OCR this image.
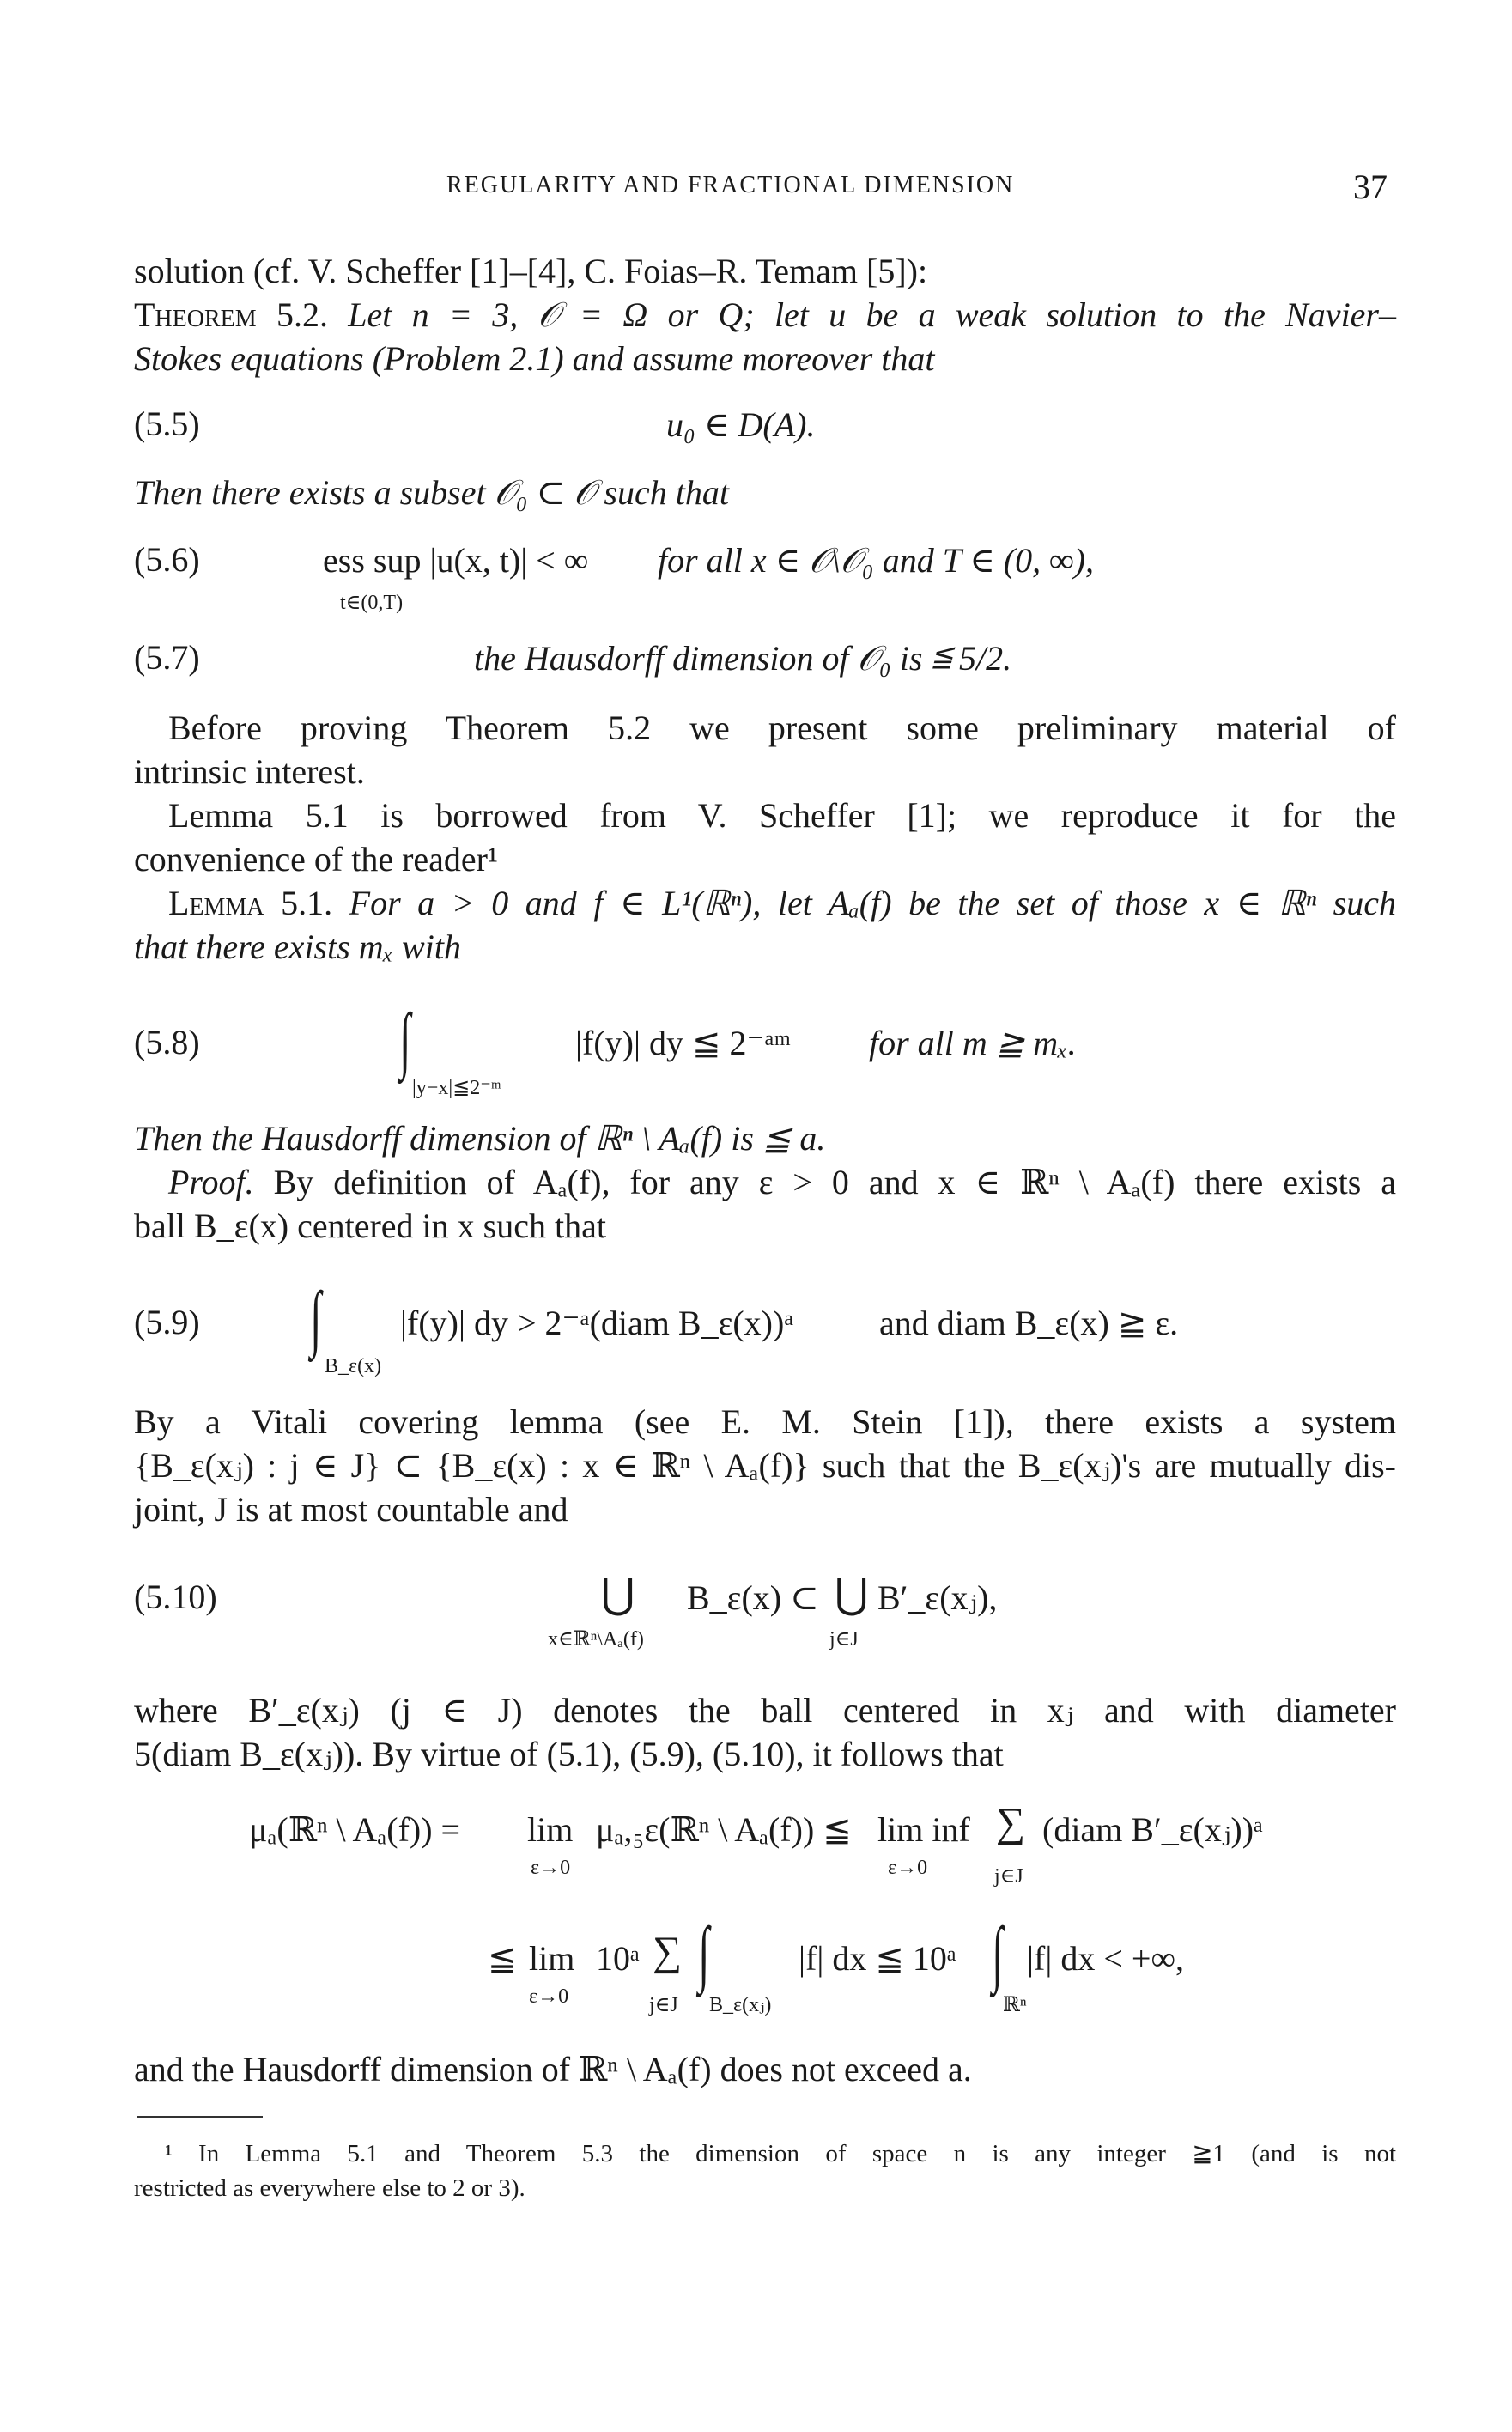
REGULARITY AND FRACTIONAL DIMENSION	37
solution (cf. V. Scheffer [1]–[4], C. Foias–R. Temam [5]):
Theorem 5.2. Let n = 3, 𝒪 = Ω or Q; let u be a weak solution to the Navier–
Stokes equations (Problem 2.1) and assume moreover that
(5.5)	u₀ ∈ D(A).
Then there exists a subset 𝒪₀ ⊂ 𝒪 such that
(5.6)	ess sup |u(x, t)| < ∞
t∈(0,T)
for all x ∈ 𝒪\𝒪₀ and T ∈ (0, ∞),
(5.7)	the Hausdorff dimension of 𝒪₀ is ≦ 5/2.
Before proving Theorem 5.2 we present some preliminary material of
intrinsic interest.
Lemma 5.1 is borrowed from V. Scheffer [1]; we reproduce it for the
convenience of the reader¹
Lemma 5.1. For a > 0 and f ∈ L¹(ℝⁿ), let Aₐ(f) be the set of those x ∈ ℝⁿ such
that there exists mₓ with
(5.8)	∫
|y−x|≦2⁻ᵐ
|f(y)| dy ≦ 2⁻ᵃᵐ for all m ≧ mₓ.
Then the Hausdorff dimension of ℝⁿ \ Aₐ(f) is ≦ a.
Proof. By definition of Aₐ(f), for any ε > 0 and x ∈ ℝⁿ \ Aₐ(f) there exists a
ball B_ε(x) centered in x such that
(5.9) ∫
B_ε(x)
|f(y)| dy > 2⁻ᵃ(diam B_ε(x))ᵃ and diam B_ε(x) ≧ ε.
By a Vitali covering lemma (see E. M. Stein [1]), there exists a system
{B_ε(xⱼ) : j ∈ J} ⊂ {B_ε(x) : x ∈ ℝⁿ \ Aₐ(f)} such that the B_ε(xⱼ)'s are mutually dis-
joint, J is at most countable and
(5.10)	⋃
x∈ℝⁿ\Aₐ(f)
B_ε(x) ⊂ ⋃
j∈J
B′_ε(xⱼ),
where B′_ε(xⱼ) (j ∈ J) denotes the ball centered in xⱼ and with diameter
5(diam B_ε(xⱼ)). By virtue of (5.1), (5.9), (5.10), it follows that
μₐ(ℝⁿ \ Aₐ(f)) = lim
ε→0
μₐ,₅ε(ℝⁿ \ Aₐ(f)) ≦ lim inf
ε→0
∑
j∈J
(diam B′_ε(xⱼ))ᵃ
≦ lim
ε→0
10ᵃ ∑
j∈J
∫
B_ε(xⱼ)
|f| dx ≦ 10ᵃ ∫
ℝⁿ
|f| dx < +∞,
and the Hausdorff dimension of ℝⁿ \ Aₐ(f) does not exceed a.
¹ In Lemma 5.1 and Theorem 5.3 the dimension of space n is any integer ≧1 (and is not
restricted as everywhere else to 2 or 3).
